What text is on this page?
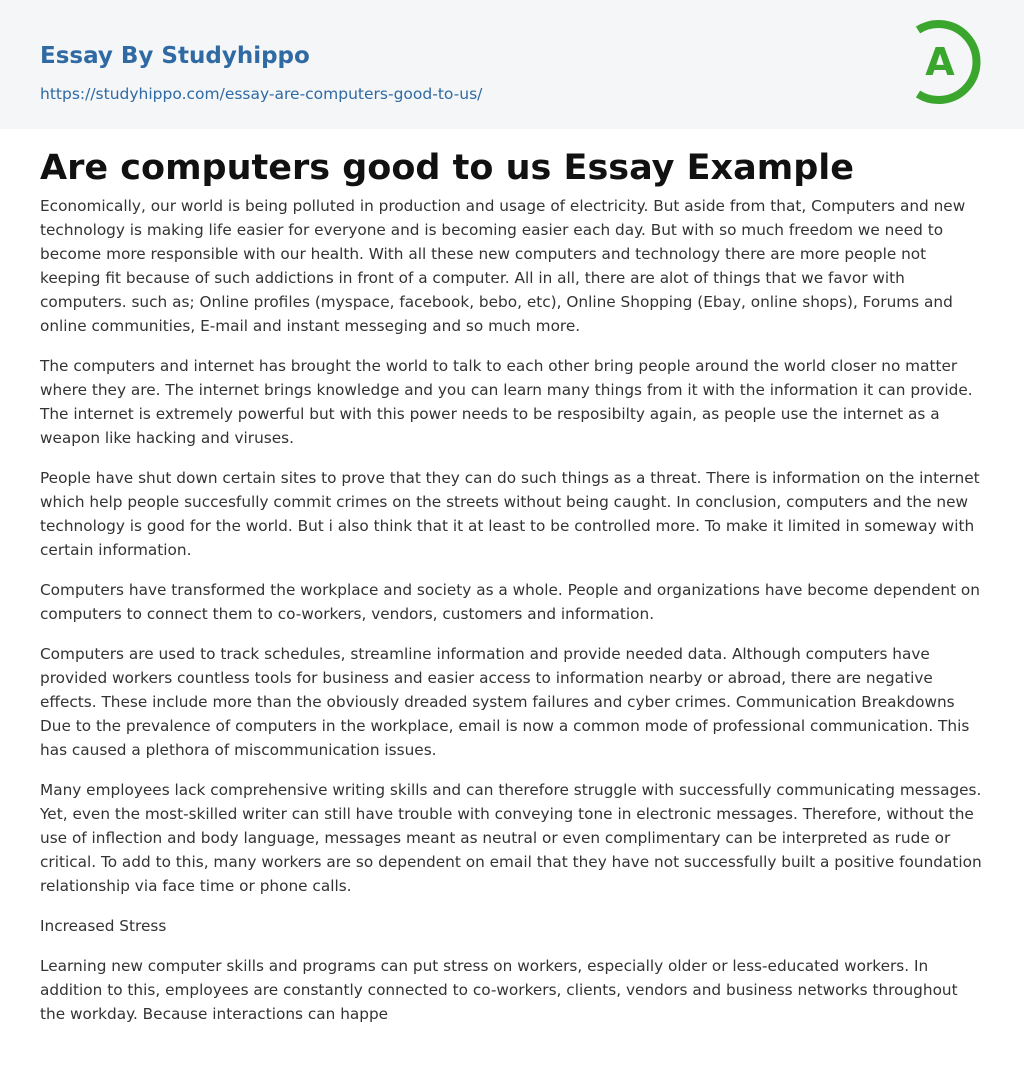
Essay By Studyhippo
https://studyhippo.com/essay-are-computers-good-to-us/
A
Are computers good to us Essay Example

Economically, our world is being polluted in production and usage of electricity. But aside from that, Computers and new technology is making life easier for everyone and is becoming easier each day. But with so much freedom we need to become more responsible with our health. With all these new computers and technology there are more people not keeping fit because of such addictions in front of a computer. All in all, there are alot of things that we favor with computers. such as; Online profiles (myspace, facebook, bebo, etc), Online Shopping (Ebay, online shops), Forums and online communities, E-mail and instant messeging and so much more.

The computers and internet has brought the world to talk to each other bring people around the world closer no matter where they are. The internet brings knowledge and you can learn many things from it with the information it can provide. The internet is extremely powerful but with this power needs to be resposibilty again, as people use the internet as a weapon like hacking and viruses.

People have shut down certain sites to prove that they can do such things as a threat. There is information on the internet which help people succesfully commit crimes on the streets without being caught. In conclusion, computers and the new technology is good for the world. But i also think that it at least to be controlled more. To make it limited in someway with certain information.

Computers have transformed the workplace and society as a whole. People and organizations have become dependent on computers to connect them to co-workers, vendors, customers and information.

Computers are used to track schedules, streamline information and provide needed data. Although computers have provided workers countless tools for business and easier access to information nearby or abroad, there are negative effects. These include more than the obviously dreaded system failures and cyber crimes. Communication Breakdowns Due to the prevalence of computers in the workplace, email is now a common mode of professional communication. This has caused a plethora of miscommunication issues.

Many employees lack comprehensive writing skills and can therefore struggle with successfully communicating messages. Yet, even the most-skilled writer can still have trouble with conveying tone in electronic messages. Therefore, without the use of inflection and body language, messages meant as neutral or even complimentary can be interpreted as rude or critical. To add to this, many workers are so dependent on email that they have not successfully built a positive foundation relationship via face time or phone calls.

Increased Stress

Learning new computer skills and programs can put stress on workers, especially older or less-educated workers. In addition to this, employees are constantly connected to co-workers, clients, vendors and business networks throughout the workday. Because interactions can happe
